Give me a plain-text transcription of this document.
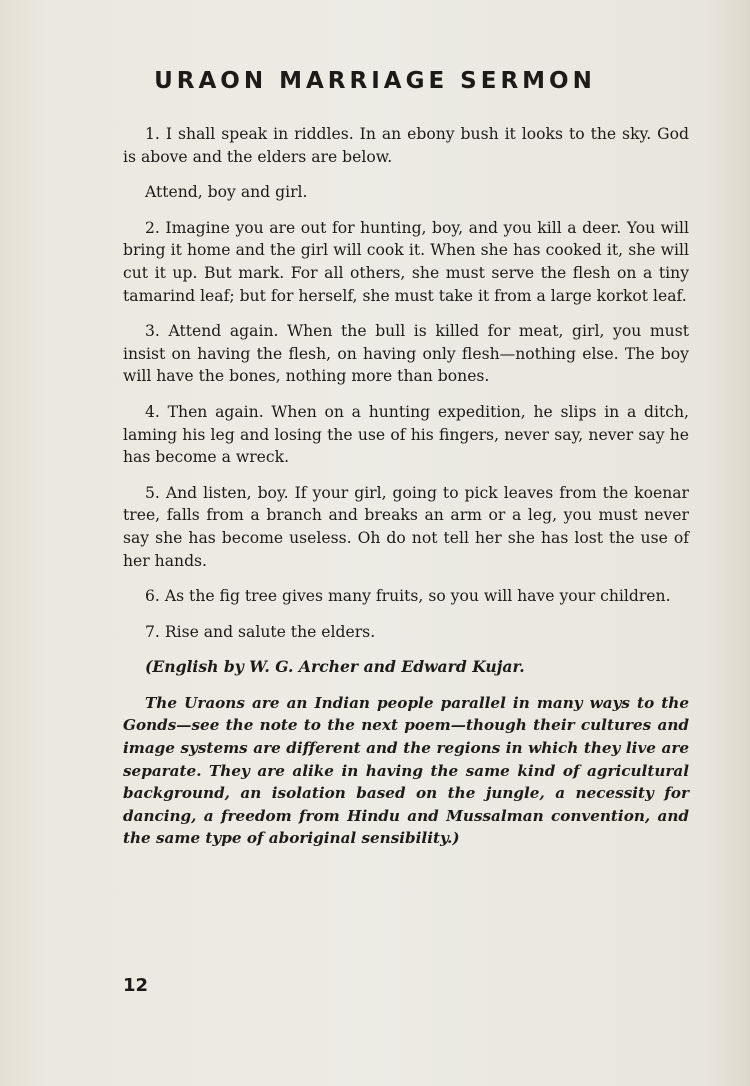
URAON MARRIAGE SERMON

1. I shall speak in riddles. In an ebony bush it looks to the sky. God is above and the elders are below.

Attend, boy and girl.

2. Imagine you are out for hunting, boy, and you kill a deer. You will bring it home and the girl will cook it. When she has cooked it, she will cut it up. But mark. For all others, she must serve the flesh on a tiny tamarind leaf; but for herself, she must take it from a large korkot leaf.

3. Attend again. When the bull is killed for meat, girl, you must insist on having the flesh, on having only flesh—nothing else. The boy will have the bones, nothing more than bones.

4. Then again. When on a hunting expedition, he slips in a ditch, laming his leg and losing the use of his fingers, never say, never say he has become a wreck.

5. And listen, boy. If your girl, going to pick leaves from the koenar tree, falls from a branch and breaks an arm or a leg, you must never say she has become useless. Oh do not tell her she has lost the use of her hands.

6. As the fig tree gives many fruits, so you will have your children.

7. Rise and salute the elders.

(English by W. G. Archer and Edward Kujar.

The Uraons are an Indian people parallel in many ways to the Gonds—see the note to the next poem—though their cultures and image systems are different and the regions in which they live are separate. They are alike in having the same kind of agricultural background, an isolation based on the jungle, a necessity for dancing, a freedom from Hindu and Mussalman convention, and the same type of aboriginal sensibility.)

12
